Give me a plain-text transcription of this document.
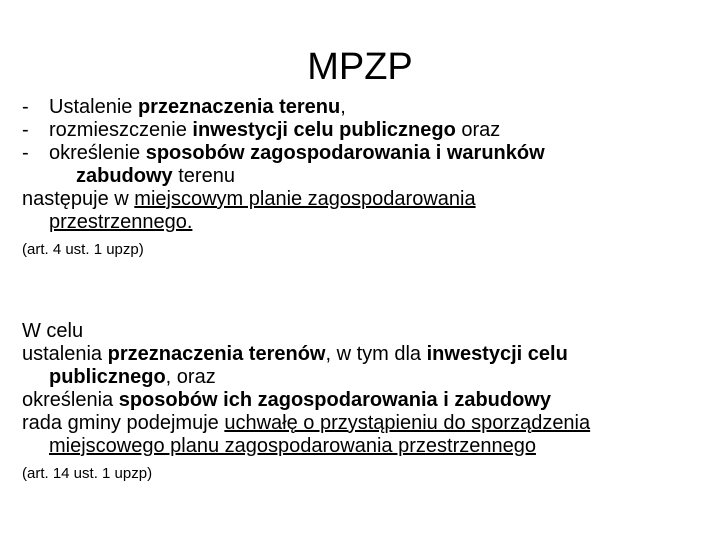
MPZP
- Ustalenie przeznaczenia terenu,
- rozmieszczenie inwestycji celu publicznego oraz
- określenie sposobów zagospodarowania i warunków
zabudowy terenu
następuje w miejscowym planie zagospodarowania
przestrzennego.
(art. 4 ust. 1 upzp)
W celu
ustalenia przeznaczenia terenów, w tym dla inwestycji celu
publicznego, oraz
określenia sposobów ich zagospodarowania i zabudowy
rada gminy podejmuje uchwałę o przystąpieniu do sporządzenia
miejscowego planu zagospodarowania przestrzennego
(art. 14 ust. 1 upzp)
